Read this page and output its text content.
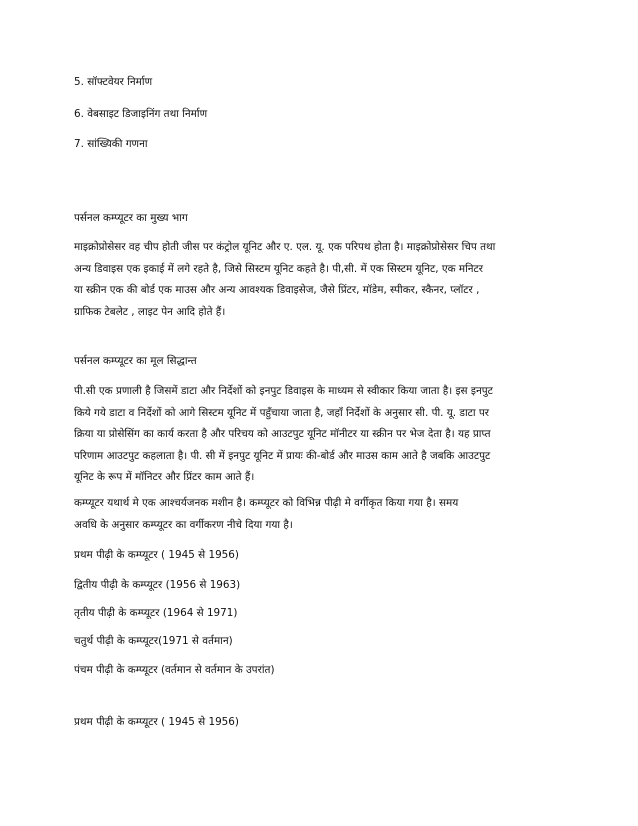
5. सॉफ्टवेयर निर्माण
6. वेबसाइट डिजाइनिंग तथा निर्माण
7. सांख्यिकी गणना
पर्सनल कम्प्यूटर का मुख्य भाग
माइक्रोप्रोसेसर वह चीप होती जीस पर कंट्रोल यूनिट और ए. एल. यू. एक परिपथ होता है। माइक्रोप्रोसेसर चिप तथा
अन्य डिवाइस एक इकाई में लगे रहते है, जिसे सिस्टम यूनिट कहते है। पी,सी. में एक सिस्टम यूनिट, एक मनिटर
या स्क्रीन एक की बोर्ड एक माउस और अन्य आवश्यक डिवाइसेज, जैसे प्रिंटर, मॉडेम, स्पीकर, स्कैनर, प्लॉटर ,
ग्राफिक टेबलेट , लाइट पेन आदि होते हैं।
पर्सनल कम्प्यूटर का मूल सिद्धान्त
पी.सी एक प्रणाली है जिसमें डाटा और निर्देशों को इनपुट डिवाइस के माध्यम से स्वीकार किया जाता है। इस इनपुट
किये गये डाटा व निर्देशों को आगे सिस्टम यूनिट में पहुँचाया जाता है, जहाँ निर्देशों के अनुसार सी. पी. यू. डाटा पर
क्रिया या प्रोसेसिंग का कार्य करता है और परिचय को आउटपुट यूनिट मॉनीटर या स्क्रीन पर भेज देता है। यह प्राप्त
परिणाम आउटपुट कहलाता है। पी. सी में इनपुट यूनिट में प्रायः की-बोर्ड और माउस काम आते है जबकि आउटपुट
यूनिट के रूप में मॉनिटर और प्रिंटर काम आते हैं।
कम्प्यूटर यथार्थ मे एक आश्चर्यजनक मशीन है। कम्प्यूटर को विभिन्न पीढ़ी मे वर्गीकृत किया गया है। समय
अवधि के अनुसार कम्प्यूटर का वर्गीकरण नीचे दिया गया है।
प्रथम पीढ़ी के कम्प्यूटर ( 1945 से 1956)
द्वितीय पीढ़ी के कम्प्यूटर (1956 से 1963)
तृतीय पीढ़ी के कम्प्यूटर (1964 से 1971)
चतुर्थ पीढ़ी के कम्प्यूटर(1971 से वर्तमान)
पंचम पीढ़ी के कम्प्यूटर (वर्तमान से वर्तमान के उपरांत)
प्रथम पीढ़ी के कम्प्यूटर ( 1945 से 1956)
